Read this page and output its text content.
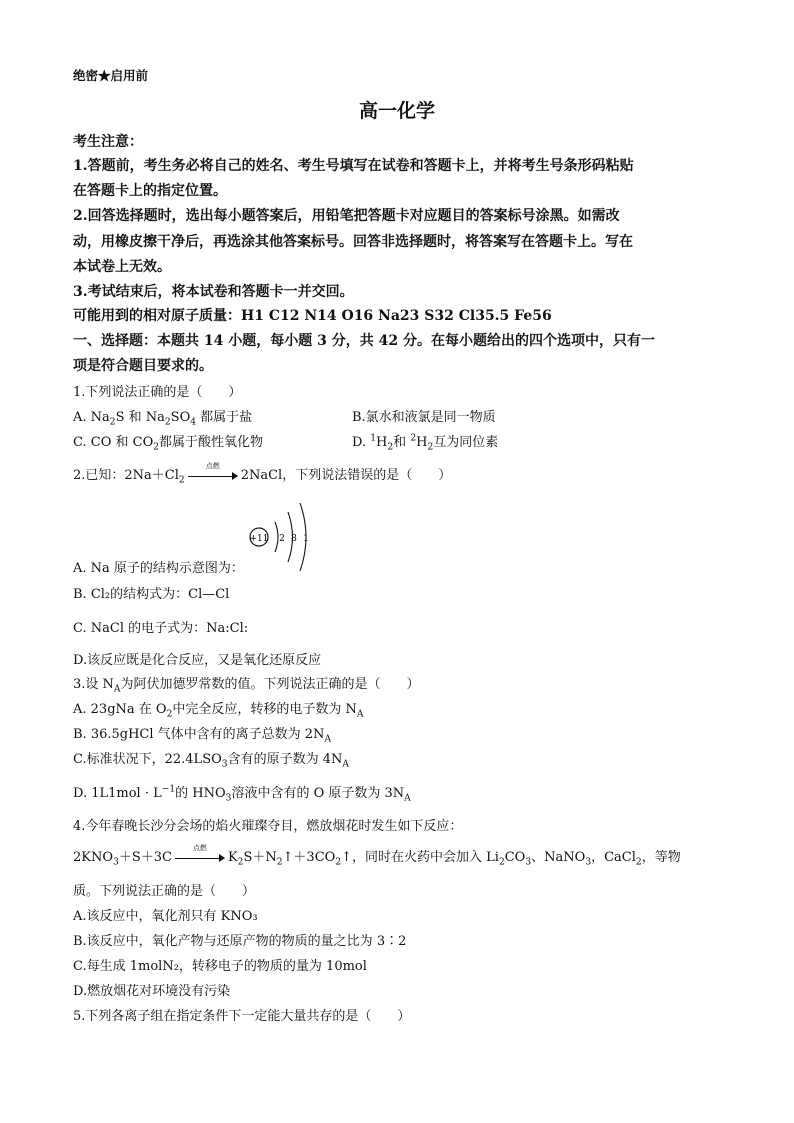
绝密★启用前
高一化学
考生注意：
1.答题前，考生务必将自己的姓名、考生号填写在试卷和答题卡上，并将考生号条形码粘贴
在答题卡上的指定位置。
2.回答选择题时，选出每小题答案后，用铅笔把答题卡对应题目的答案标号涂黑。如需改
动，用橡皮擦干净后，再选涂其他答案标号。回答非选择题时，将答案写在答题卡上。写在
本试卷上无效。
3.考试结束后，将本试卷和答题卡一并交回。
可能用到的相对原子质量：H1 C12 N14 O16 Na23 S32 Cl35.5 Fe56
一、选择题：本题共 14 小题，每小题 3 分，共 42 分。在每小题给出的四个选项中，只有一
项是符合题目要求的。
1.下列说法正确的是（　　）
A. $Na_2S$ 和 $Na_2SO_4$ 都属于盐	B.氯水和液氯是同一物质
C. CO 和 $CO_2$都属于酸性氧化物	D. $^1H_2$和 $^2H_2$互为同位素
2.已知：$2Na+Cl_2$
点燃
2NaCl，下列说法错误的是（　　）
+11 2 8 1
A. Na 原子的结构示意图为：
B. Cl₂的结构式为：Cl—Cl
C. NaCl 的电子式为：Na:Cl:
D.该反应既是化合反应，又是氧化还原反应
3.设 $N_A$为阿伏加德罗常数的值。下列说法正确的是（　　）
A. 23gNa 在 $O_2$中完全反应，转移的电子数为 $N_A$
B. 36.5gHCl 气体中含有的离子总数为 $2N_A$
C.标准状况下，$22.4LSO_3$含有的原子数为 $4N_A$
D. $1L1mol \cdot L^{-1}$的 $HNO_3$溶液中含有的 O 原子数为 $3N_A$
4.今年春晚长沙分会场的焰火璀璨夺目，燃放烟花时发生如下反应：
$2KNO_3+S+3C$
点燃
$K_2S+N_2↑+3CO_2↑$，同时在火药中会加入 $Li_2CO_3$、NaNO$_3$，CaCl$_2$，等物
质。下列说法正确的是（　　）
A.该反应中，氧化剂只有 KNO₃
B.该反应中，氧化产物与还原产物的物质的量之比为 3∶2
C.每生成 1molN₂，转移电子的物质的量为 10mol
D.燃放烟花对环境没有污染
5.下列各离子组在指定条件下一定能大量共存的是（　　）
